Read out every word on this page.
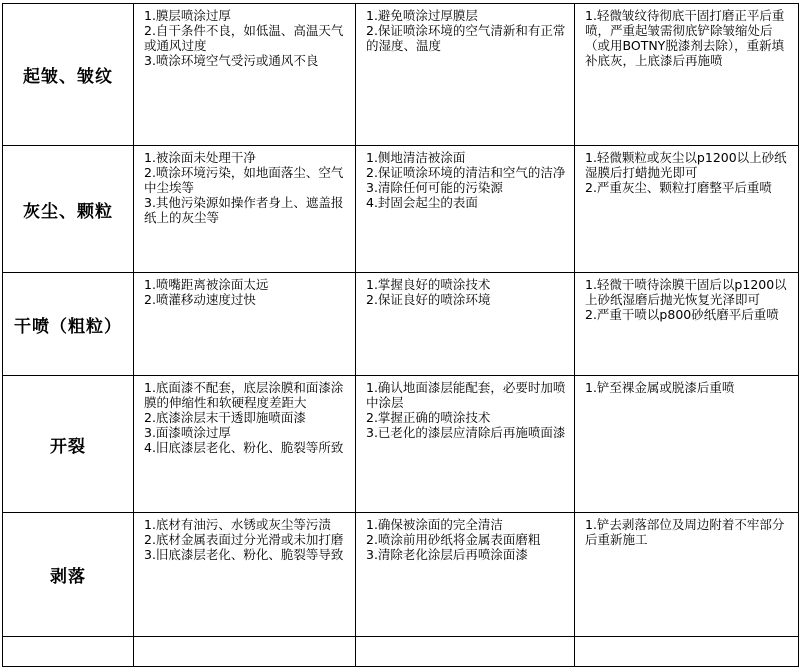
起皱、皱纹	1.膜层喷涂过厚
2.自干条件不良，如低温、高温天气或通风过度
3.喷涂环境空气受污或通风不良	1.避免喷涂过厚膜层
2.保证喷涂环境的空气清新和有正常的湿度、温度	1.轻微皱纹待彻底干固打磨正平后重喷，严重起皱需彻底铲除皱缩处后（或用BOTNY脱漆剂去除），重新填补底灰，上底漆后再施喷

灰尘、颗粒	1.被涂面未处理干净
2.喷涂环境污染，如地面落尘、空气中尘埃等
3.其他污染源如操作者身上、遮盖报纸上的灰尘等	1.侧地清洁被涂面
2.保证喷涂环境的清洁和空气的洁净
3.清除任何可能的污染源
4.封固会起尘的表面	1.轻微颗粒或灰尘以p1200以上砂纸湿膜后打蜡抛光即可
2.严重灰尘、颗粒打磨整平后重喷

干喷（粗粒）	1.喷嘴距离被涂面太远
2.喷灌移动速度过快	1.掌握良好的喷涂技术
2.保证良好的喷涂环境	1.轻微干喷待涂膜干固后以p1200以上砂纸湿磨后抛光恢复光泽即可
2.严重干喷以p800砂纸磨平后重喷

开裂	1.底面漆不配套，底层涂膜和面漆涂膜的伸缩性和软硬程度差距大
2.底漆涂层末干透即施喷面漆
3.面漆喷涂过厚
4.旧底漆层老化、粉化、脆裂等所致	1.确认地面漆层能配套，必要时加喷中涂层
2.掌握正确的喷涂技术
3.已老化的漆层应清除后再施喷面漆	1.铲至裸金属或脱漆后重喷

剥落	1.底材有油污、水锈或灰尘等污渍
2.底材金属表面过分光滑或未加打磨
3.旧底漆层老化、粉化、脆裂等导致	1.确保被涂面的完全清洁
2.喷涂前用砂纸将金属表面磨粗
3.清除老化涂层后再喷涂面漆	1.铲去剥落部位及周边附着不牢部分后重新施工
